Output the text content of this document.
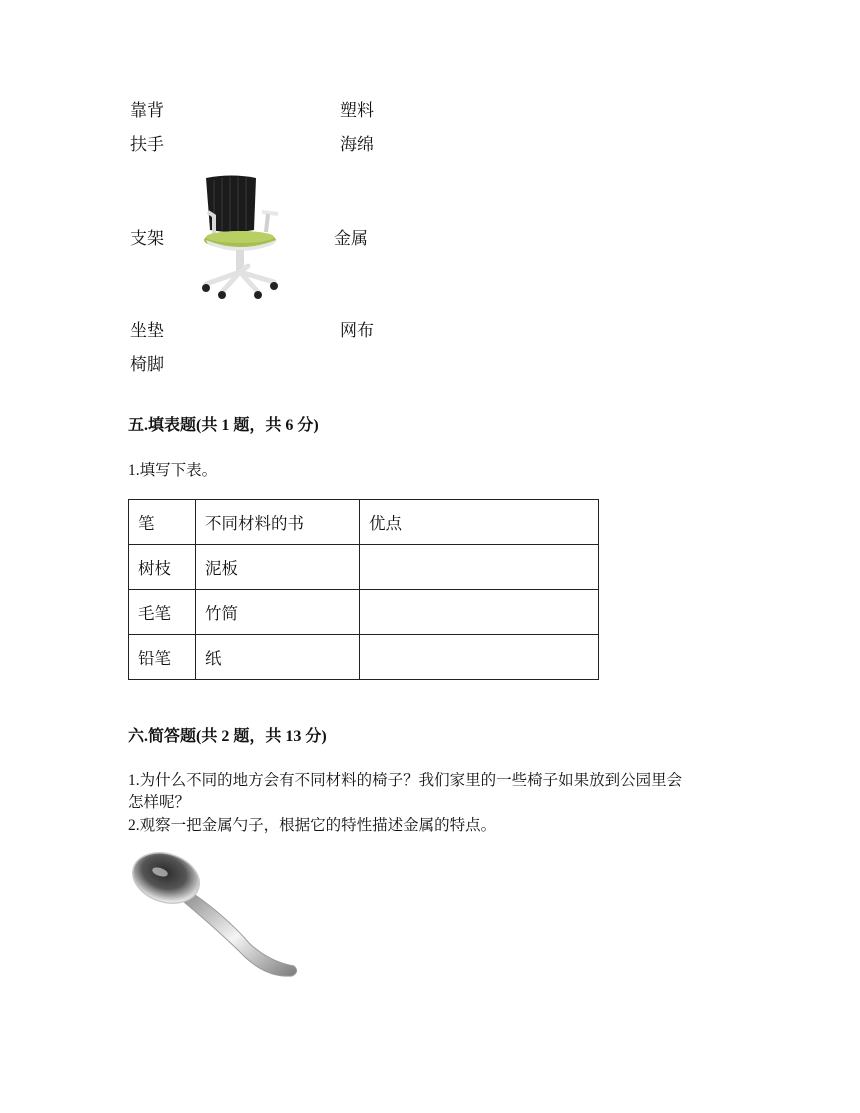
靠背
扶手
支架
坐垫
椅脚
塑料
海绵
金属
网布
五.填表题(共 1 题，共 6 分)
1.填写下表。
笔	不同材料的书	优点
树枝	泥板	
毛笔	竹简	
铅笔	纸	
六.简答题(共 2 题，共 13 分)
1.为什么不同的地方会有不同材料的椅子？我们家里的一些椅子如果放到公园里会
怎样呢？
2.观察一把金属勺子，根据它的特性描述金属的特点。
